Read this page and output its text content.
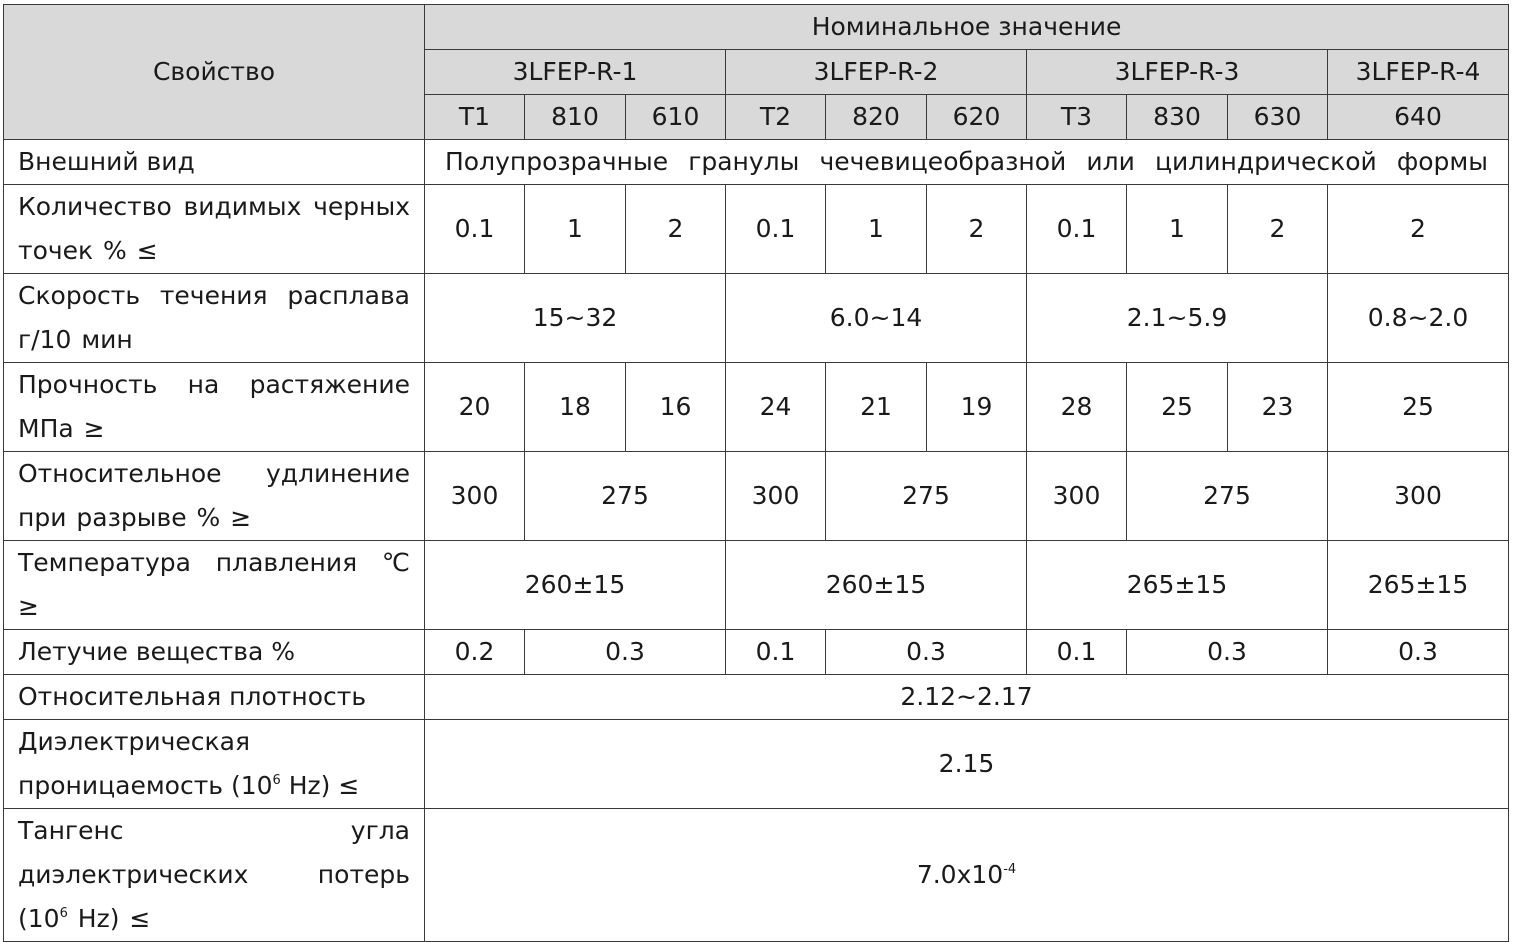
Свойство	Номинальное значение									
	3LFEP-R-1			3LFEP-R-2			3LFEP-R-3			3LFEP-R-4
	T1	810	610	T2	820	620	T3	830	630	640
Внешний вид	Полупрозрачные гранулы чечевицеобразной или цилиндрической формы									
Количество видимых черных точек % ≤	0.1	1	2	0.1	1	2	0.1	1	2	2
Скорость течения расплава г/10 мин	15~32			6.0~14			2.1~5.9			0.8~2.0
Прочность на растяжение МПа ≥	20	18	16	24	21	19	28	25	23	25
Относительное удлинение при разрыве % ≥	300	275		300	275		300	275		300
Температура плавления ℃ ≥	260±15			260±15			265±15			265±15
Летучие вещества %	0.2	0.3		0.1	0.3		0.1	0.3		0.3
Относительная плотность	2.12~2.17									
Диэлектрическая
проницаемость ($10^6$ Hz) ≤	2.15									
Тангенс угла диэлектрических потерь ($10^6$ Hz) ≤	$7.0x10^{-4}$
